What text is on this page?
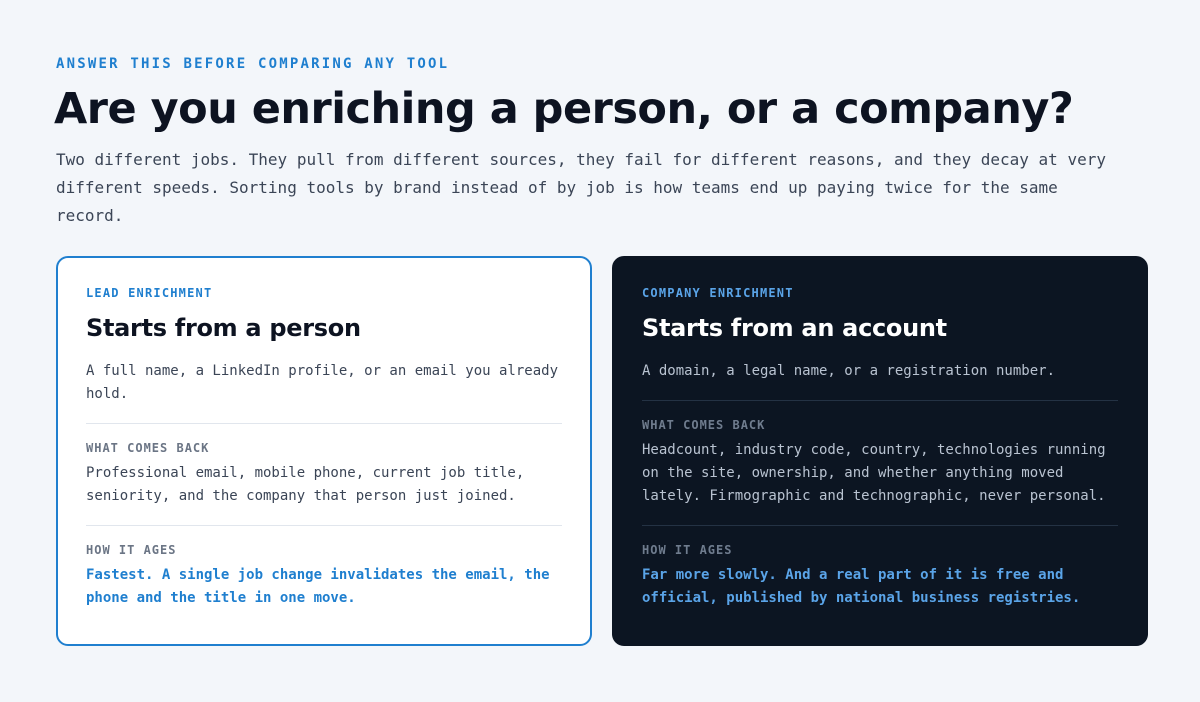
ANSWER THIS BEFORE COMPARING ANY TOOL
Are you enriching a person, or a company?

Two different jobs. They pull from different sources, they fail for different reasons, and they decay at very different speeds. Sorting tools by brand instead of by job is how teams end up paying twice for the same record.

LEAD ENRICHMENT
Starts from a person

A full name, a LinkedIn profile, or an email you already hold.

WHAT COMES BACK

Professional email, mobile phone, current job title, seniority, and the company that person just joined.

HOW IT AGES

Fastest. A single job change invalidates the email, the phone and the title in one move.

COMPANY ENRICHMENT
Starts from an account

A domain, a legal name, or a registration number.

WHAT COMES BACK

Headcount, industry code, country, technologies running on the site, ownership, and whether anything moved lately. Firmographic and technographic, never personal.

HOW IT AGES

Far more slowly. And a real part of it is free and official, published by national business registries.
